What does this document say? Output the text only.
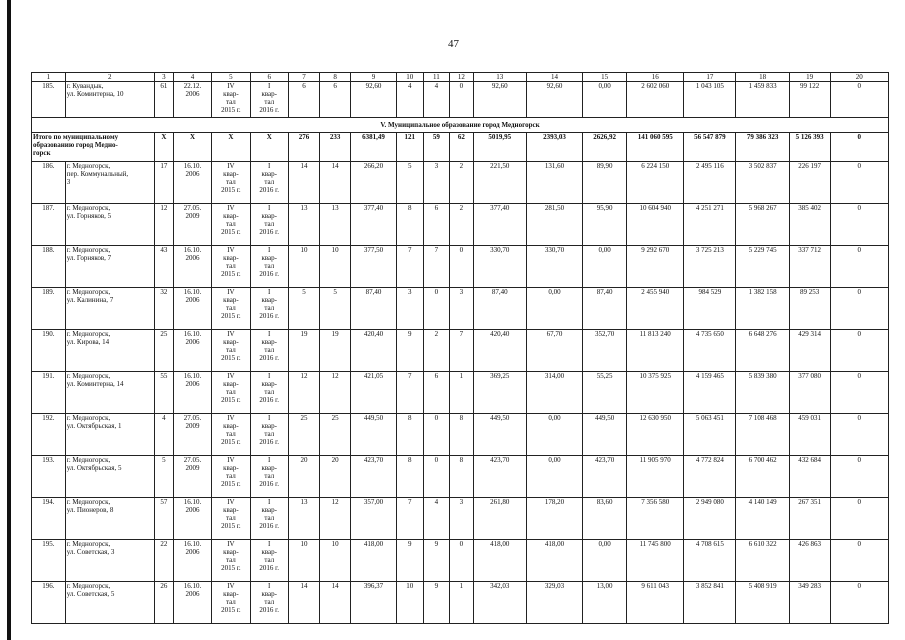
47
1	2	3	4	5	6	7	8	9	10	11	12	13	14	15	16	17	18	19	20
185.	г. Кувандык,
ул. Коминтерна, 10	61	22.12.
2006	IV
квар-
тал
2015 г.	I
квар-
тал
2016 г.	6	6	92,60	4	4	0	92,60	92,60	0,00	2 602 060	1 043 105	1 459 833	99 122	0
V. Муниципальное образование город Медногорск																			
Итого по муниципальному
образованию город Медно-
горск		X	X	X	X	276	233	6381,49	121	59	62	5019,95	2393,03	2626,92	141 060 595	56 547 879	79 386 323	5 126 393	0
186.	г. Медногорск,
пер. Коммунальный,
3	17	16.10.
2006	IV
квар-
тал
2015 г.	I
квар-
тал
2016 г.	14	14	266,20	5	3	2	221,50	131,60	89,90	6 224 150	2 495 116	3 502 837	226 197	0
187.	г. Медногорск,
ул. Горняков, 5	12	27.05.
2009	IV
квар-
тал
2015 г.	I
квар-
тал
2016 г.	13	13	377,40	8	6	2	377,40	281,50	95,90	10 604 940	4 251 271	5 968 267	385 402	0
188.	г. Медногорск,
ул. Горняков, 7	43	16.10.
2006	IV
квар-
тал
2015 г.	I
квар-
тал
2016 г.	10	10	377,50	7	7	0	330,70	330,70	0,00	9 292 670	3 725 213	5 229 745	337 712	0
189.	г. Медногорск,
ул. Калинина, 7	32	16.10.
2006	IV
квар-
тал
2015 г.	I
квар-
тал
2016 г.	5	5	87,40	3	0	3	87,40	0,00	87,40	2 455 940	984 529	1 382 158	89 253	0
190.	г. Медногорск,
ул. Кирова, 14	25	16.10.
2006	IV
квар-
тал
2015 г.	I
квар-
тал
2016 г.	19	19	420,40	9	2	7	420,40	67,70	352,70	11 813 240	4 735 650	6 648 276	429 314	0
191.	г. Медногорск,
ул. Коминтерна, 14	55	16.10.
2006	IV
квар-
тал
2015 г.	I
квар-
тал
2016 г.	12	12	421,05	7	6	1	369,25	314,00	55,25	10 375 925	4 159 465	5 839 380	377 080	0
192.	г. Медногорск,
ул. Октябрьская, 1	4	27.05.
2009	IV
квар-
тал
2015 г.	I
квар-
тал
2016 г.	25	25	449,50	8	0	8	449,50	0,00	449,50	12 630 950	5 063 451	7 108 468	459 031	0
193.	г. Медногорск,
ул. Октябрьская, 5	5	27.05.
2009	IV
квар-
тал
2015 г.	I
квар-
тал
2016 г.	20	20	423,70	8	0	8	423,70	0,00	423,70	11 905 970	4 772 824	6 700 462	432 684	0
194.	г. Медногорск,
ул. Пионеров, 8	57	16.10.
2006	IV
квар-
тал
2015 г.	I
квар-
тал
2016 г.	13	12	357,00	7	4	3	261,80	178,20	83,60	7 356 580	2 949 080	4 140 149	267 351	0
195.	г. Медногорск,
ул. Советская, 3	22	16.10.
2006	IV
квар-
тал
2015 г.	I
квар-
тал
2016 г.	10	10	418,00	9	9	0	418,00	418,00	0,00	11 745 800	4 708 615	6 610 322	426 863	0
196.	г. Медногорск,
ул. Советская, 5	26	16.10.
2006	IV
квар-
тал
2015 г.	I
квар-
тал
2016 г.	14	14	396,37	10	9	1	342,03	329,03	13,00	9 611 043	3 852 841	5 408 919	349 283	0
